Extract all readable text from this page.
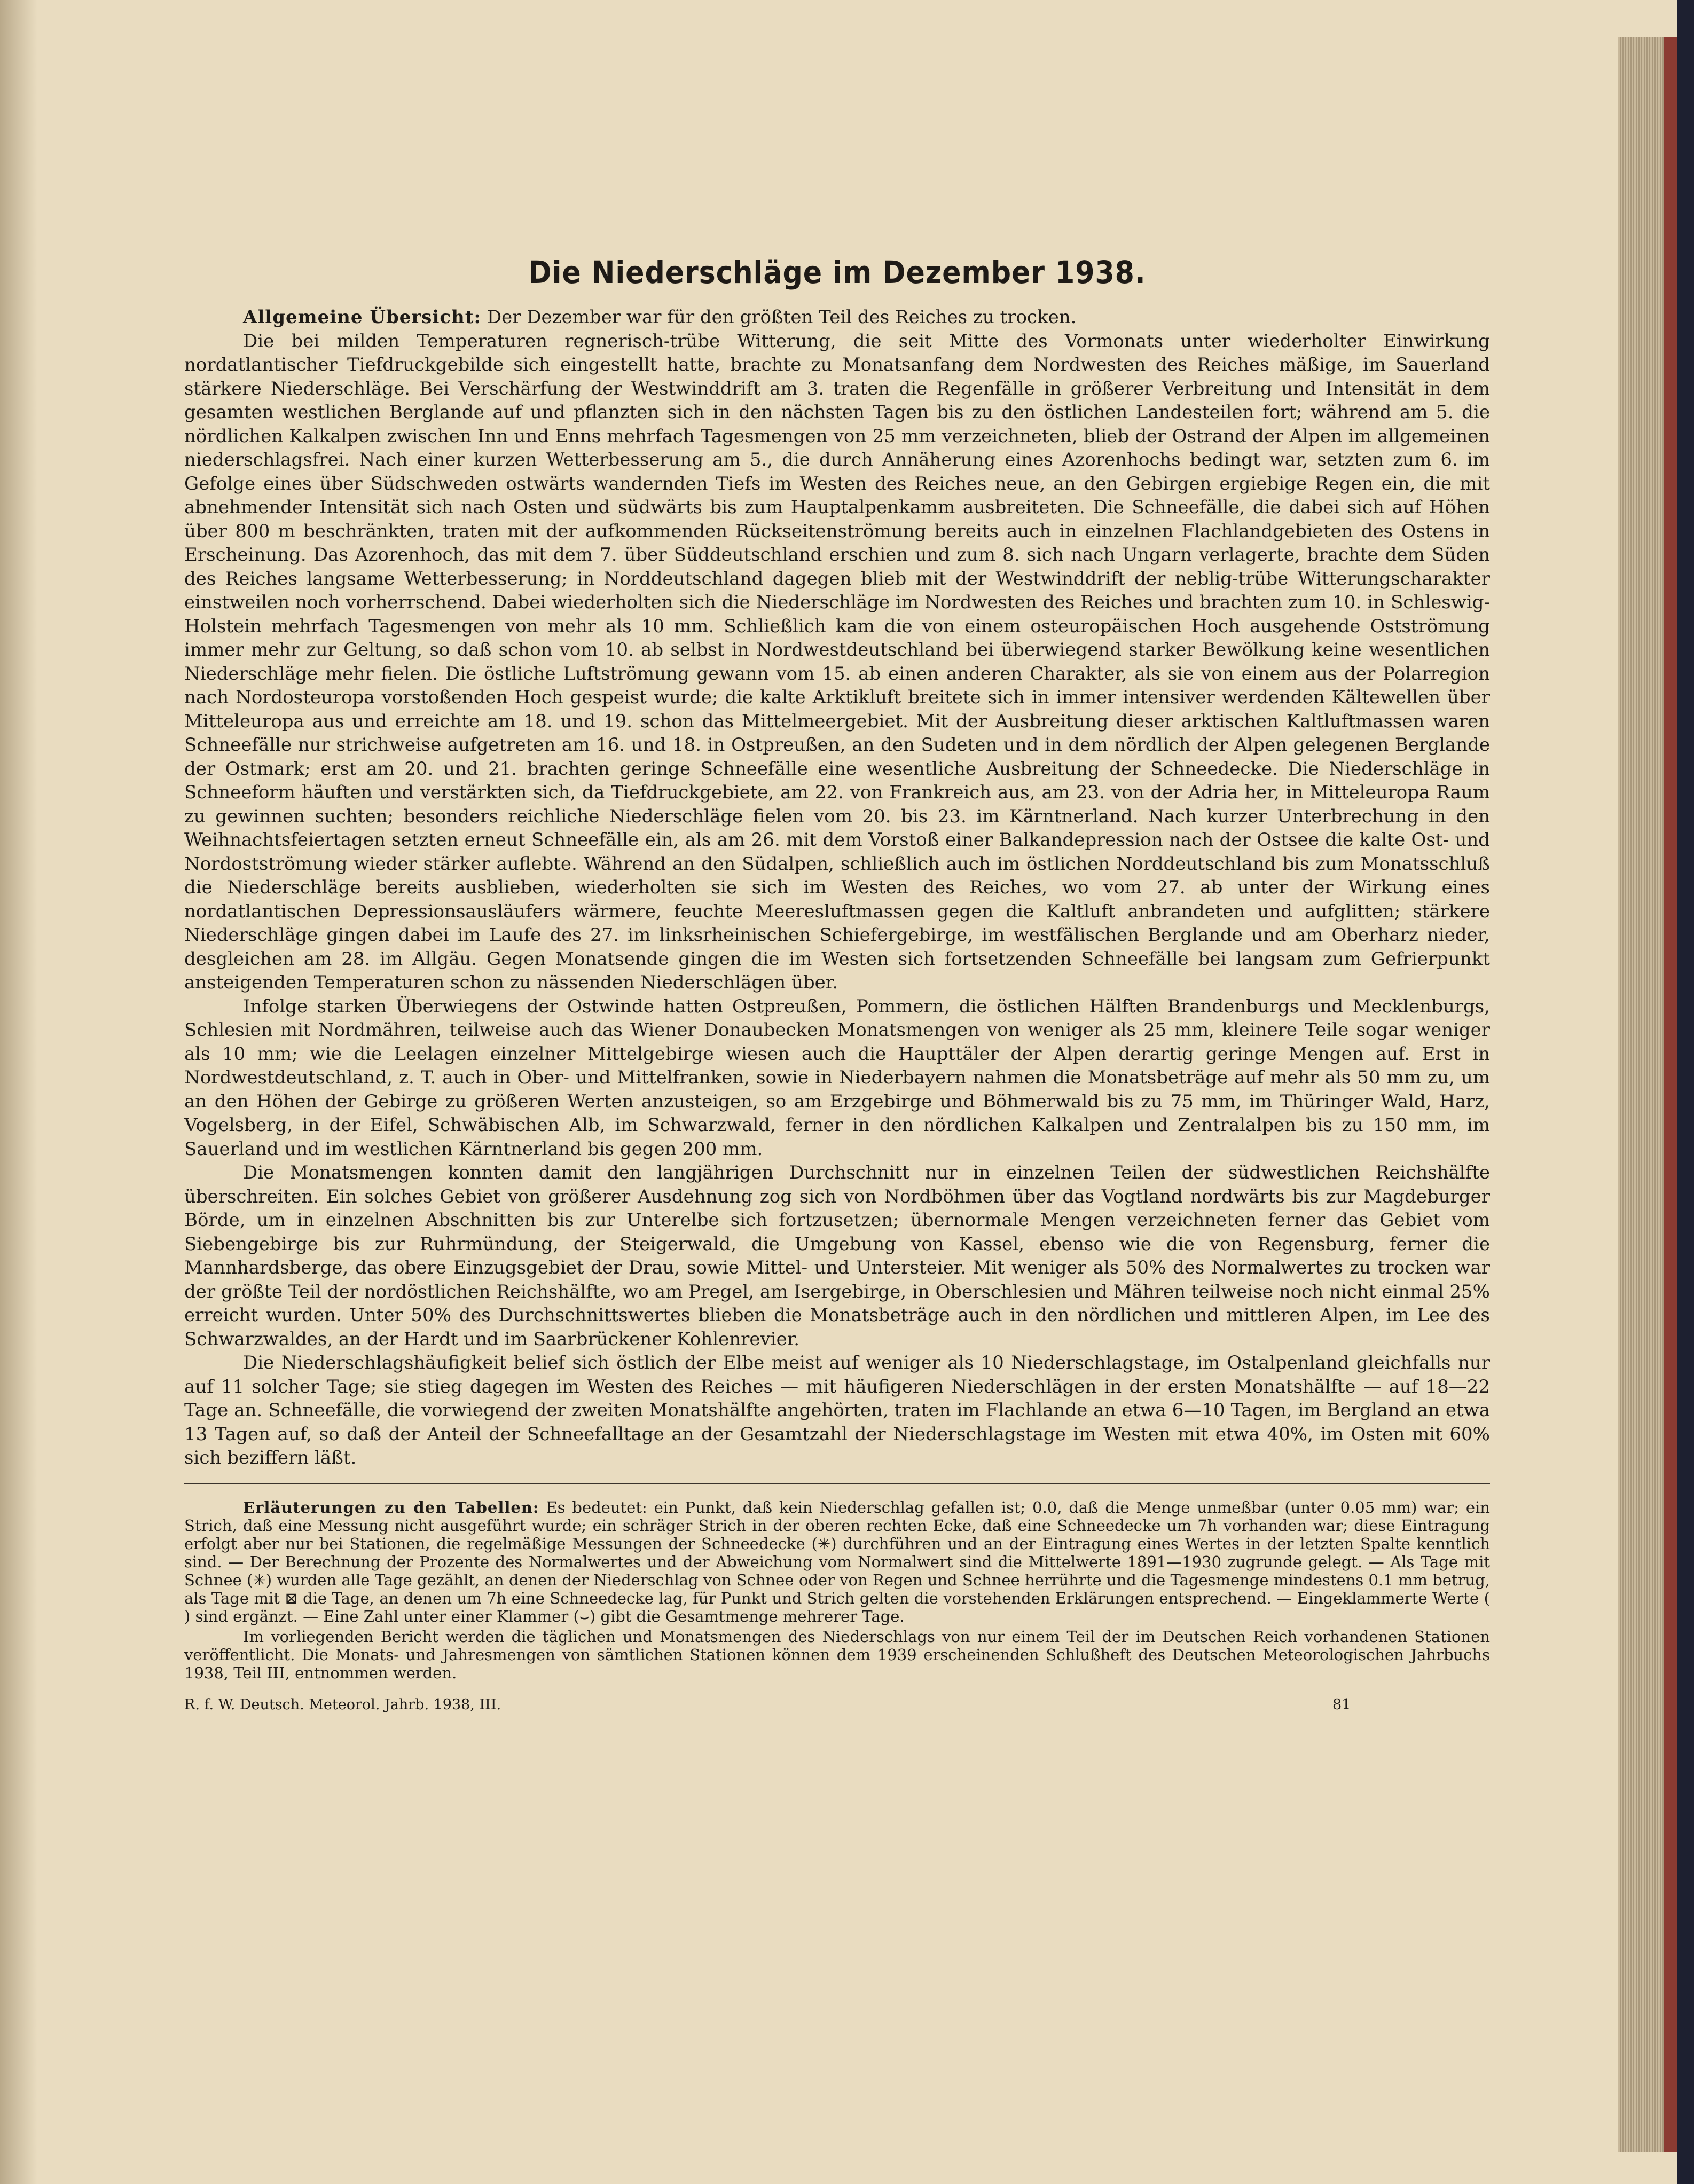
Die Niederschläge im Dezember 1938.

Allgemeine Übersicht: Der Dezember war für den größten Teil des Reiches zu trocken.

Die bei milden Temperaturen regnerisch-trübe Witterung, die seit Mitte des Vormonats unter wiederholter Einwirkung nordatlantischer Tiefdruckgebilde sich eingestellt hatte, brachte zu Monatsanfang dem Nordwesten des Reiches mäßige, im Sauerland stärkere Niederschläge. Bei Verschärfung der Westwinddrift am 3. traten die Regenfälle in größerer Verbreitung und Intensität in dem gesamten westlichen Berglande auf und pflanzten sich in den nächsten Tagen bis zu den östlichen Landesteilen fort; während am 5. die nördlichen Kalkalpen zwischen Inn und Enns mehrfach Tagesmengen von 25 mm verzeichneten, blieb der Ostrand der Alpen im allgemeinen niederschlagsfrei. Nach einer kurzen Wetterbesserung am 5., die durch Annäherung eines Azorenhochs bedingt war, setzten zum 6. im Gefolge eines über Südschweden ostwärts wandernden Tiefs im Westen des Reiches neue, an den Gebirgen ergiebige Regen ein, die mit abnehmender Intensität sich nach Osten und südwärts bis zum Hauptalpenkamm ausbreiteten. Die Schneefälle, die dabei sich auf Höhen über 800 m beschränkten, traten mit der aufkommenden Rückseitenströmung bereits auch in einzelnen Flachlandgebieten des Ostens in Erscheinung. Das Azorenhoch, das mit dem 7. über Süddeutschland erschien und zum 8. sich nach Ungarn verlagerte, brachte dem Süden des Reiches langsame Wetterbesserung; in Norddeutschland dagegen blieb mit der Westwinddrift der neblig-trübe Witterungscharakter einstweilen noch vorherrschend. Dabei wiederholten sich die Niederschläge im Nordwesten des Reiches und brachten zum 10. in Schleswig-Holstein mehrfach Tagesmengen von mehr als 10 mm. Schließlich kam die von einem osteuropäischen Hoch ausgehende Ostströmung immer mehr zur Geltung, so daß schon vom 10. ab selbst in Nordwestdeutschland bei überwiegend starker Bewölkung keine wesentlichen Niederschläge mehr fielen. Die östliche Luftströmung gewann vom 15. ab einen anderen Charakter, als sie von einem aus der Polarregion nach Nordosteuropa vorstoßenden Hoch gespeist wurde; die kalte Arktikluft breitete sich in immer intensiver werdenden Kältewellen über Mitteleuropa aus und erreichte am 18. und 19. schon das Mittelmeergebiet. Mit der Ausbreitung dieser arktischen Kaltluftmassen waren Schneefälle nur strichweise aufgetreten am 16. und 18. in Ostpreußen, an den Sudeten und in dem nördlich der Alpen gelegenen Berglande der Ostmark; erst am 20. und 21. brachten geringe Schneefälle eine wesentliche Ausbreitung der Schneedecke. Die Niederschläge in Schneeform häuften und verstärkten sich, da Tiefdruckgebiete, am 22. von Frankreich aus, am 23. von der Adria her, in Mitteleuropa Raum zu gewinnen suchten; besonders reichliche Niederschläge fielen vom 20. bis 23. im Kärntnerland. Nach kurzer Unterbrechung in den Weihnachtsfeiertagen setzten erneut Schneefälle ein, als am 26. mit dem Vorstoß einer Balkandepression nach der Ostsee die kalte Ost- und Nordostströmung wieder stärker auflebte. Während an den Südalpen, schließlich auch im östlichen Norddeutschland bis zum Monatsschluß die Niederschläge bereits ausblieben, wiederholten sie sich im Westen des Reiches, wo vom 27. ab unter der Wirkung eines nordatlantischen Depressionsausläufers wärmere, feuchte Meeresluftmassen gegen die Kaltluft anbrandeten und aufglitten; stärkere Niederschläge gingen dabei im Laufe des 27. im linksrheinischen Schiefergebirge, im westfälischen Berglande und am Oberharz nieder, desgleichen am 28. im Allgäu. Gegen Monatsende gingen die im Westen sich fortsetzenden Schneefälle bei langsam zum Gefrierpunkt ansteigenden Temperaturen schon zu nässenden Niederschlägen über.

Infolge starken Überwiegens der Ostwinde hatten Ostpreußen, Pommern, die östlichen Hälften Brandenburgs und Mecklenburgs, Schlesien mit Nordmähren, teilweise auch das Wiener Donaubecken Monatsmengen von weniger als 25 mm, kleinere Teile sogar weniger als 10 mm; wie die Leelagen einzelner Mittelgebirge wiesen auch die Haupttäler der Alpen derartig geringe Mengen auf. Erst in Nordwestdeutschland, z. T. auch in Ober- und Mittelfranken, sowie in Niederbayern nahmen die Monatsbeträge auf mehr als 50 mm zu, um an den Höhen der Gebirge zu größeren Werten anzusteigen, so am Erzgebirge und Böhmerwald bis zu 75 mm, im Thüringer Wald, Harz, Vogelsberg, in der Eifel, Schwäbischen Alb, im Schwarzwald, ferner in den nördlichen Kalkalpen und Zentralalpen bis zu 150 mm, im Sauerland und im westlichen Kärntnerland bis gegen 200 mm.

Die Monatsmengen konnten damit den langjährigen Durchschnitt nur in einzelnen Teilen der südwestlichen Reichshälfte überschreiten. Ein solches Gebiet von größerer Ausdehnung zog sich von Nordböhmen über das Vogtland nordwärts bis zur Magdeburger Börde, um in einzelnen Abschnitten bis zur Unterelbe sich fortzusetzen; übernormale Mengen verzeichneten ferner das Gebiet vom Siebengebirge bis zur Ruhrmündung, der Steigerwald, die Umgebung von Kassel, ebenso wie die von Regensburg, ferner die Mannhardsberge, das obere Einzugsgebiet der Drau, sowie Mittel- und Untersteier. Mit weniger als 50% des Normalwertes zu trocken war der größte Teil der nordöstlichen Reichshälfte, wo am Pregel, am Isergebirge, in Oberschlesien und Mähren teilweise noch nicht einmal 25% erreicht wurden. Unter 50% des Durchschnittswertes blieben die Monatsbeträge auch in den nördlichen und mittleren Alpen, im Lee des Schwarzwaldes, an der Hardt und im Saarbrückener Kohlenrevier.

Die Niederschlagshäufigkeit belief sich östlich der Elbe meist auf weniger als 10 Niederschlagstage, im Ostalpenland gleichfalls nur auf 11 solcher Tage; sie stieg dagegen im Westen des Reiches — mit häufigeren Niederschlägen in der ersten Monatshälfte — auf 18—22 Tage an. Schneefälle, die vorwiegend der zweiten Monatshälfte angehörten, traten im Flachlande an etwa 6—10 Tagen, im Bergland an etwa 13 Tagen auf, so daß der Anteil der Schneefalltage an der Gesamtzahl der Niederschlagstage im Westen mit etwa 40%, im Osten mit 60% sich beziffern läßt.

Erläuterungen zu den Tabellen: Es bedeutet: ein Punkt, daß kein Niederschlag gefallen ist; 0.0, daß die Menge unmeßbar (unter 0.05 mm) war; ein Strich, daß eine Messung nicht ausgeführt wurde; ein schräger Strich in der oberen rechten Ecke, daß eine Schneedecke um 7h vorhanden war; diese Eintragung erfolgt aber nur bei Stationen, die regelmäßige Messungen der Schneedecke (✳) durchführen und an der Eintragung eines Wertes in der letzten Spalte kenntlich sind. — Der Berechnung der Prozente des Normalwertes und der Abweichung vom Normalwert sind die Mittelwerte 1891—1930 zugrunde gelegt. — Als Tage mit Schnee (✳) wurden alle Tage gezählt, an denen der Niederschlag von Schnee oder von Regen und Schnee herrührte und die Tagesmenge mindestens 0.1 mm betrug, als Tage mit ⊠ die Tage, an denen um 7h eine Schneedecke lag, für Punkt und Strich gelten die vorstehenden Erklärungen entsprechend. — Eingeklammerte Werte ( ) sind ergänzt. — Eine Zahl unter einer Klammer (⌣) gibt die Gesamtmenge mehrerer Tage.

Im vorliegenden Bericht werden die täglichen und Monatsmengen des Niederschlags von nur einem Teil der im Deutschen Reich vorhandenen Stationen veröffentlicht. Die Monats- und Jahresmengen von sämtlichen Stationen können dem 1939 erscheinenden Schlußheft des Deutschen Meteorologischen Jahrbuchs 1938, Teil III, entnommen werden.

R. f. W. Deutsch. Meteorol. Jahrb. 1938, III.	81
